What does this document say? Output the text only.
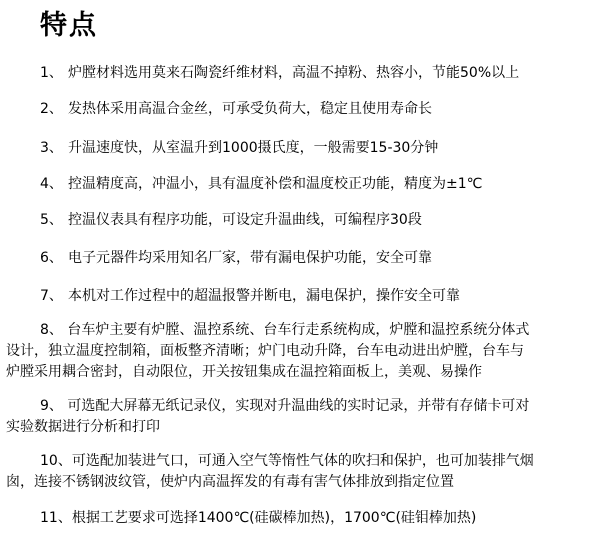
特点
1、 炉膛材料选用莫来石陶瓷纤维材料，高温不掉粉、热容小，节能50%以上
2、 发热体采用高温合金丝，可承受负荷大，稳定且使用寿命长
3、 升温速度快，从室温升到1000摄氏度，一般需要15-30分钟
4、 控温精度高，冲温小，具有温度补偿和温度校正功能，精度为±1℃
5、 控温仪表具有程序功能，可设定升温曲线，可编程序30段
6、 电子元器件均采用知名厂家，带有漏电保护功能，安全可靠
7、 本机对工作过程中的超温报警并断电，漏电保护，操作安全可靠
8、 台车炉主要有炉膛、温控系统、台车行走系统构成，炉膛和温控系统分体式
设计，独立温度控制箱，面板整齐清晰；炉门电动升降，台车电动进出炉膛，台车与
炉膛采用耦合密封，自动限位，开关按钮集成在温控箱面板上，美观、易操作
9、 可选配大屏幕无纸记录仪，实现对升温曲线的实时记录，并带有存储卡可对
实验数据进行分析和打印
10、可选配加装进气口，可通入空气等惰性气体的吹扫和保护，也可加装排气烟
囱，连接不锈钢波纹管，使炉内高温挥发的有毒有害气体排放到指定位置
11、根据工艺要求可选择1400℃(硅碳棒加热)，1700℃(硅钼棒加热)
